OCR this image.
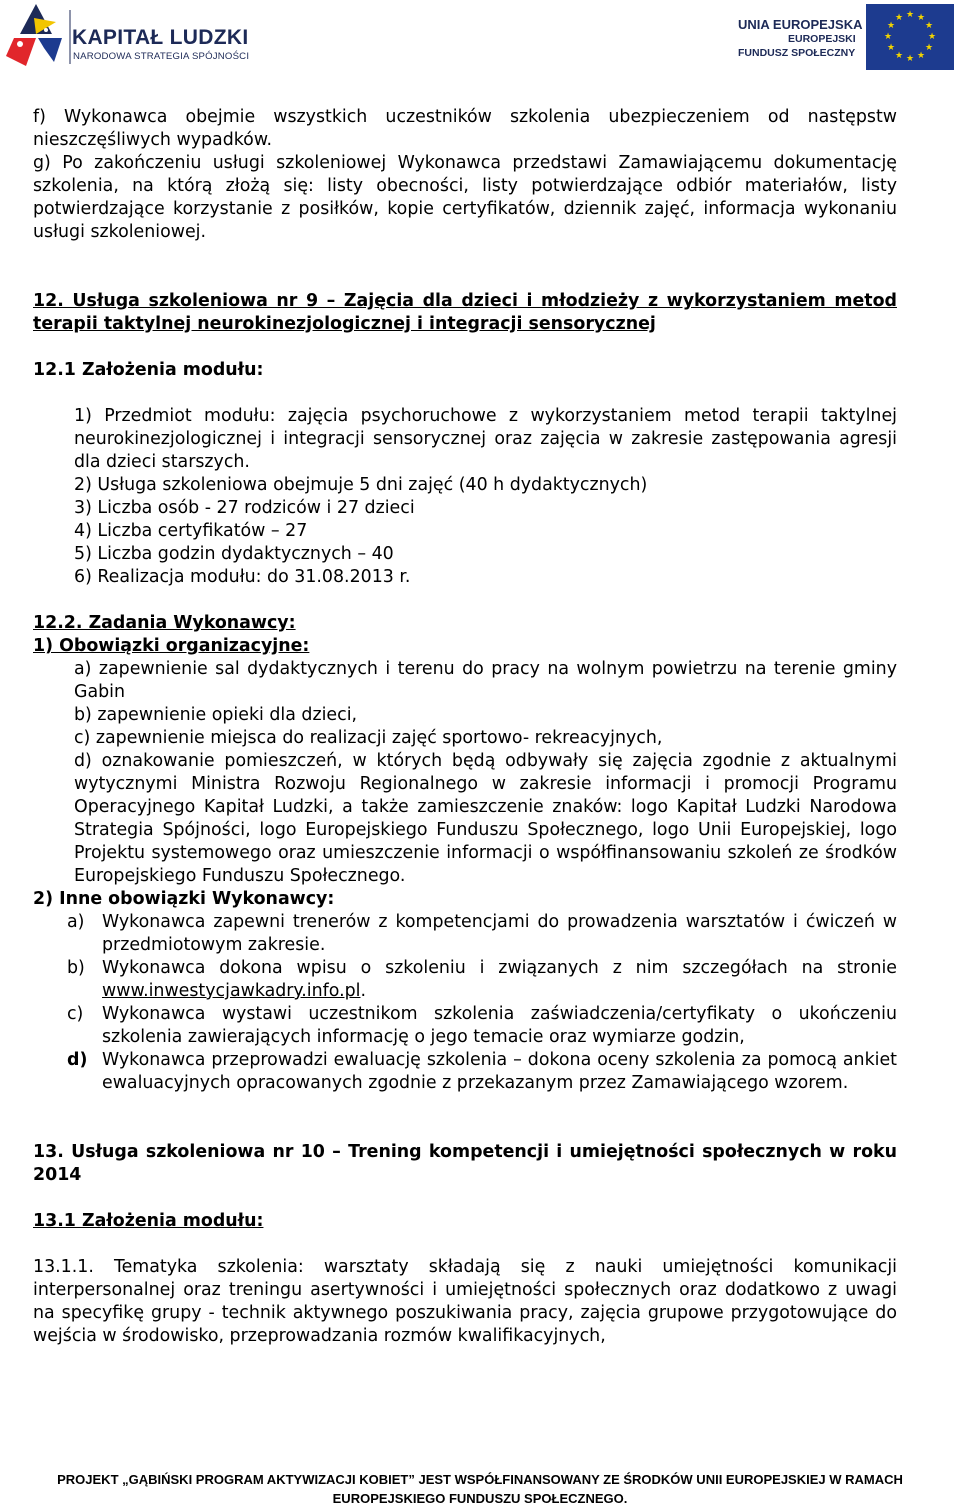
KAPITAŁ LUDZKI
NARODOWA STRATEGIA SPÓJNOŚCI
UNIA EUROPEJSKA
EUROPEJSKI
FUNDUSZ SPOŁECZNY
★ ★
★
★
★
★
★
★
★
★
★
★

f) Wykonawca obejmie wszystkich uczestników szkolenia ubezpieczeniem od następstw nieszczęśliwych wypadków.

g) Po zakończeniu usługi szkoleniowej Wykonawca przedstawi Zamawiającemu dokumentację szkolenia, na którą złożą się: listy obecności, listy potwierdzające odbiór materiałów, listy potwierdzające korzystanie z posiłków, kopie certyfikatów, dziennik zajęć, informacja wykonaniu usługi szkoleniowej.

12. Usługa szkoleniowa nr 9 – Zajęcia dla dzieci i młodzieży z wykorzystaniem metod terapii taktylnej neurokinezjologicznej i integracji sensorycznej

12.1 Założenia modułu:

1) Przedmiot modułu: zajęcia psychoruchowe z wykorzystaniem metod terapii taktylnej neurokinezjologicznej i integracji sensorycznej oraz zajęcia w zakresie zastępowania agresji dla dzieci starszych.

2) Usługa szkoleniowa obejmuje 5 dni zajęć (40 h dydaktycznych)

3) Liczba osób - 27 rodziców i 27 dzieci

4) Liczba certyfikatów – 27

5) Liczba godzin dydaktycznych – 40

6) Realizacja modułu: do 31.08.2013 r.

12.2. Zadania Wykonawcy:

1) Obowiązki organizacyjne:

a) zapewnienie sal dydaktycznych i terenu do pracy na wolnym powietrzu na terenie gminy Gabin

b) zapewnienie opieki dla dzieci,

c) zapewnienie miejsca do realizacji zajęć sportowo- rekreacyjnych,

d) oznakowanie pomieszczeń, w których będą odbywały się zajęcia zgodnie z aktualnymi wytycznymi Ministra Rozwoju Regionalnego w zakresie informacji i promocji Programu Operacyjnego Kapitał Ludzki, a także zamieszczenie znaków: logo Kapitał Ludzki Narodowa Strategia Spójności, logo Europejskiego Funduszu Społecznego, logo Unii Europejskiej, logo Projektu systemowego oraz umieszczenie informacji o współfinansowaniu szkoleń ze środków Europejskiego Funduszu Społecznego.

2) Inne obowiązki Wykonawcy:

a)	Wykonawca zapewni trenerów z kompetencjami do prowadzenia warsztatów i ćwiczeń w przedmiotowym zakresie.
b) Wykonawca dokona wpisu o szkoleniu i związanych z nim szczegółach na stronie www.inwestycjawkadry.info.pl.
c)	Wykonawca wystawi uczestnikom szkolenia zaświadczenia/certyfikaty o ukończeniu szkolenia zawierających informację o jego temacie oraz wymiarze godzin,
d) Wykonawca przeprowadzi ewaluację szkolenia – dokona oceny szkolenia za pomocą ankiet ewaluacyjnych opracowanych zgodnie z przekazanym przez Zamawiającego wzorem.

13. Usługa szkoleniowa nr 10 – Trening kompetencji i umiejętności społecznych w roku 2014

13.1 Założenia modułu:

13.1.1. Tematyka szkolenia: warsztaty składają się z nauki umiejętności komunikacji interpersonalnej oraz treningu asertywności i umiejętności społecznych oraz dodatkowo z uwagi na specyfikę grupy - technik aktywnego poszukiwania pracy, zajęcia grupowe przygotowujące do wejścia w środowisko, przeprowadzania rozmów kwalifikacyjnych,

PROJEKT „GĄBIŃSKI PROGRAM AKTYWIZACJI KOBIET” JEST WSPÓŁFINANSOWANY ZE ŚRODKÓW UNII EUROPEJSKIEJ W RAMACH
EUROPEJSKIEGO FUNDUSZU SPOŁECZNEGO.
